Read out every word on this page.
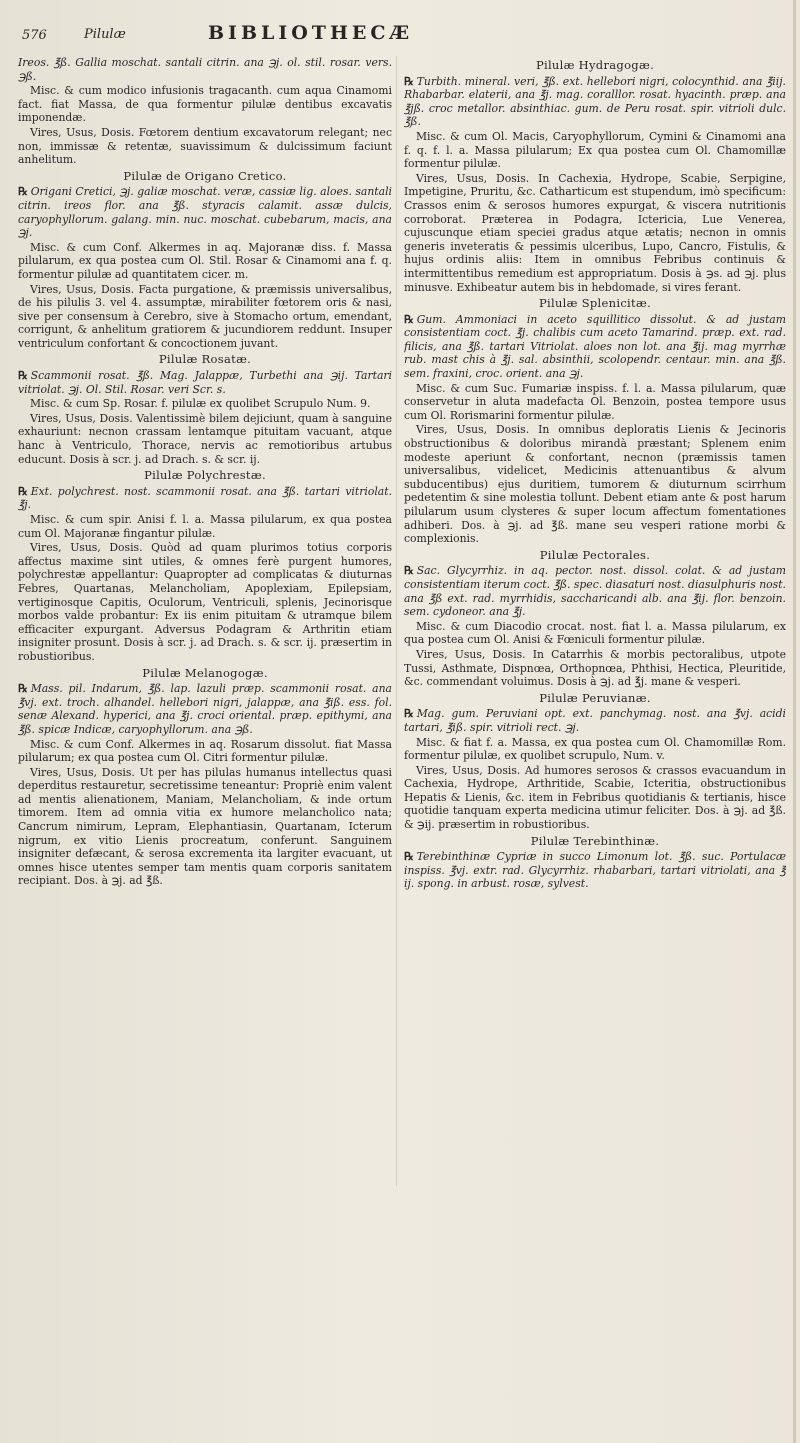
576	Pilulæ	BIBLIOTHECÆ

Ireos. ℥ß. Gallia moschat. santali citrin. ana ℈j. ol. stil. rosar. vers. ℈ß.

Misc. & cum modico infusionis tragacanth. cum aqua Cinamomi fact. fiat Massa, de qua formentur pilulæ dentibus excavatis imponendæ.

Vires, Usus, Dosis. Fœtorem dentium excavatorum relegant; nec non, immissæ & retentæ, suavissimum & dulcissimum faciunt anhelitum.

Pilulæ de Origano Cretico.

℞ Origani Cretici, ℈j. galiæ moschat. veræ, cassiæ lig. aloes. santali citrin. ireos flor. ana ℥ß. styracis calamit. assæ dulcis, caryophyllorum. galang. min. nuc. moschat. cubebarum, macis, ana ℈j.

Misc. & cum Conf. Alkermes in aq. Majoranæ diss. f. Massa pilularum, ex qua postea cum Ol. Stil. Rosar & Cinamomi ana f. q. formentur pilulæ ad quantitatem cicer. m.

Vires, Usus, Dosis. Facta purgatione, & præmissis universalibus, de his pilulis 3. vel 4. assumptæ, mirabiliter fœtorem oris & nasi, sive per consensum à Cerebro, sive à Stomacho ortum, emendant, corrigunt, & anhelitum gratiorem & jucundiorem reddunt. Insuper ventriculum confortant & concoctionem juvant.

Pilulæ Rosatæ.

℞ Scammonii rosat. ℥ß. Mag. Jalappæ, Turbethi ana ℈ij. Tartari vitriolat. ℈j. Ol. Stil. Rosar. veri Scr. s.

Misc. & cum Sp. Rosar. f. pilulæ ex quolibet Scrupulo Num. 9.

Vires, Usus, Dosis. Valentissimè bilem dejiciunt, quam à sanguine exhauriunt: necnon crassam lentamque pituitam vacuant, atque hanc à Ventriculo, Thorace, nervis ac remotioribus artubus educunt. Dosis à scr. j. ad Drach. s. & scr. ij.

Pilulæ Polychrestæ.

℞ Ext. polychrest. nost. scammonii rosat. ana ℥ß. tartari vitriolat. ℥j.

Misc. & cum spir. Anisi f. l. a. Massa pilularum, ex qua postea cum Ol. Majoranæ fingantur pilulæ.

Vires, Usus, Dosis. Quòd ad quam plurimos totius corporis affectus maxime sint utiles, & omnes ferè purgent humores, polychrestæ appellantur: Quapropter ad complicatas & diuturnas Febres, Quartanas, Melancholiam, Apoplexiam, Epilepsiam, vertiginosque Capitis, Oculorum, Ventriculi, splenis, Jecinorisque morbos valde probantur: Ex iis enim pituitam & utramque bilem efficaciter expurgant. Adversus Podagram & Arthritin etiam insigniter prosunt. Dosis à scr. j. ad Drach. s. & scr. ij. præsertim in robustioribus.

Pilulæ Melanogogæ.

℞ Mass. pil. Indarum, ℥ß. lap. lazuli præp. scammonii rosat. ana ℥vj. ext. troch. alhandel. hellebori nigri, jalappæ, ana ℥iß. ess. fol. senæ Alexand. hyperici, ana ℥j. croci oriental. præp. epithymi, ana ℥ß. spicæ Indicæ, caryophyllorum. ana ℈ß.

Misc. & cum Conf. Alkermes in aq. Rosarum dissolut. fiat Massa pilularum; ex qua postea cum Ol. Citri formentur pilulæ.

Vires, Usus, Dosis. Ut per has pilulas humanus intellectus quasi deperditus restauretur, secretissime teneantur: Propriè enim valent ad mentis alienationem, Maniam, Melancholiam, & inde ortum timorem. Item ad omnia vitia ex humore melancholico nata; Cancrum nimirum, Lepram, Elephantiasin, Quartanam, Icterum nigrum, ex vitio Lienis procreatum, conferunt. Sanguinem insigniter defæcant, & serosa excrementa ita largiter evacuant, ut omnes hisce utentes semper tam mentis quam corporis sanitatem recipiant. Dos. à ℈j. ad ℥ß.

Pilulæ Hydragogæ.

℞ Turbith. mineral. veri, ℥ß. ext. hellebori nigri, colocynthid. ana ℥iij. Rhabarbar. elaterii, ana ℥j. mag. coralllor. rosat. hyacinth. præp. ana ℥jß. croc metallor. absinthiac. gum. de Peru rosat. spir. vitrioli dulc. ℥ß.

Misc. & cum Ol. Macis, Caryophyllorum, Cymini & Cinamomi ana f. q. f. l. a. Massa pilularum; Ex qua postea cum Ol. Chamomillæ formentur pilulæ.

Vires, Usus, Dosis. In Cachexia, Hydrope, Scabie, Serpigine, Impetigine, Pruritu, &c. Catharticum est stupendum, imò specificum: Crassos enim & serosos humores expurgat, & viscera nutritionis corroborat. Præterea in Podagra, Ictericia, Lue Venerea, cujuscunque etiam speciei gradus atque ætatis; necnon in omnis generis inveteratis & pessimis ulceribus, Lupo, Cancro, Fistulis, & hujus ordinis aliis: Item in omnibus Febribus continuis & intermittentibus remedium est appropriatum. Dosis à ℈s. ad ℈j. plus minusve. Exhibeatur autem bis in hebdomade, si vires ferant.

Pilulæ Splenicitæ.

℞ Gum. Ammoniaci in aceto squillitico dissolut. & ad justam consistentiam coct. ℥j. chalibis cum aceto Tamarind. præp. ext. rad. filicis, ana ℥ß. tartari Vitriolat. aloes non lot. ana ℥ij. mag myrrhæ rub. mast chis à ℥j. sal. absinthii, scolopendr. centaur. min. ana ℥ß. sem. fraxini, croc. orient. ana ℈j.

Misc. & cum Suc. Fumariæ inspiss. f. l. a. Massa pilularum, quæ conservetur in aluta madefacta Ol. Benzoin, postea tempore usus cum Ol. Rorismarini formentur pilulæ.

Vires, Usus, Dosis. In omnibus deploratis Lienis & Jecinoris obstructionibus & doloribus mirandà præstant; Splenem enim modeste aperiunt & confortant, necnon (præmissis tamen universalibus, videlicet, Medicinis attenuantibus & alvum subducentibus) ejus duritiem, tumorem & diuturnum scirrhum pedetentim & sine molestia tollunt. Debent etiam ante & post harum pilularum usum clysteres & super locum affectum fomentationes adhiberi. Dos. à ℈j. ad ℥ß. mane seu vesperi ratione morbi & complexionis.

Pilulæ Pectorales.

℞ Sac. Glycyrrhiz. in aq. pector. nost. dissol. colat. & ad justam consistentiam iterum coct. ℥ß. spec. diasaturi nost. diasulphuris nost. ana ℥ß ext. rad. myrrhidis, saccharicandi alb. ana ℥ij. flor. benzoin. sem. cydoneor. ana ℥j.

Misc. & cum Diacodio crocat. nost. fiat l. a. Massa pilularum, ex qua postea cum Ol. Anisi & Fœniculi formentur pilulæ.

Vires, Usus, Dosis. In Catarrhis & morbis pectoralibus, utpote Tussi, Asthmate, Dispnœa, Orthopnœa, Phthisi, Hectica, Pleuritide, &c. commendant voluimus. Dosis à ℈j. ad ℥j. mane & vesperi.

Pilulæ Peruvianæ.

℞ Mag. gum. Peruviani opt. ext. panchymag. nost. ana ℥vj. acidi tartari, ℥iß. spir. vitrioli rect. ℈j.

Misc. & fiat f. a. Massa, ex qua postea cum Ol. Chamomillæ Rom. formentur pilulæ, ex quolibet scrupulo, Num. v.

Vires, Usus, Dosis. Ad humores serosos & crassos evacuandum in Cachexia, Hydrope, Arthritide, Scabie, Icteritia, obstructionibus Hepatis & Lienis, &c. item in Febribus quotidianis & tertianis, hisce quotidie tanquam experta medicina utimur feliciter. Dos. à ℈j. ad ℥ß. & ℈ij. præsertim in robustioribus.

Pilulæ Terebinthinæ.

℞ Terebinthinæ Cypriæ in succo Limonum lot. ℥ß. suc. Portulacæ inspiss. ℥vj. extr. rad. Glycyrrhiz. rhabarbari, tartari vitriolati, ana ℥ ij. spong. in arbust. rosæ, sylvest.
